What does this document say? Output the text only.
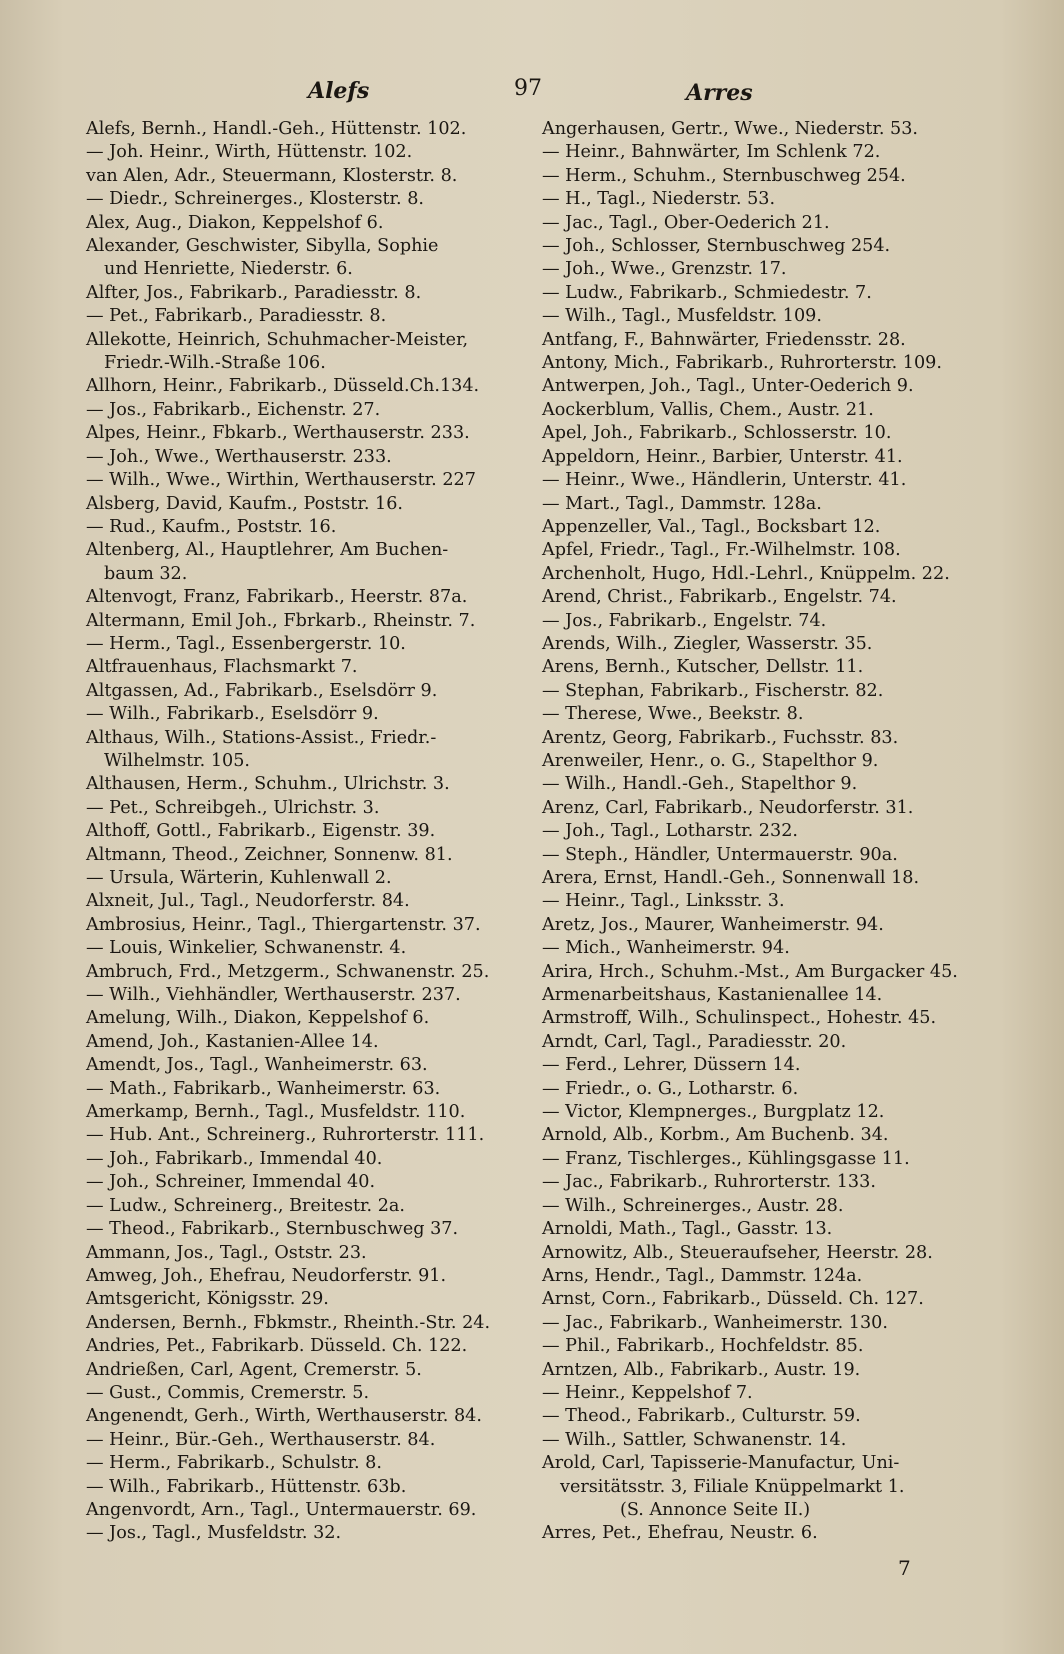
Alefs	97	Arres
Alefs, Bernh., Handl.-Geh., Hüttenstr. 102.
— Joh. Heinr., Wirth, Hüttenstr. 102.
van Alen, Adr., Steuermann, Klosterstr. 8.
— Diedr., Schreinerges., Klosterstr. 8.
Alex, Aug., Diakon, Keppelshof 6.
Alexander, Geschwister, Sibylla, Sophie
und Henriette, Niederstr. 6.
Alfter, Jos., Fabrikarb., Paradiesstr. 8.
— Pet., Fabrikarb., Paradiesstr. 8.
Allekotte, Heinrich, Schuhmacher-Meister,
Friedr.-Wilh.-Straße 106.
Allhorn, Heinr., Fabrikarb., Düsseld.Ch.134.
— Jos., Fabrikarb., Eichenstr. 27.
Alpes, Heinr., Fbkarb., Werthauserstr. 233.
— Joh., Wwe., Werthauserstr. 233.
— Wilh., Wwe., Wirthin, Werthauserstr. 227
Alsberg, David, Kaufm., Poststr. 16.
— Rud., Kaufm., Poststr. 16.
Altenberg, Al., Hauptlehrer, Am Buchen-
baum 32.
Altenvogt, Franz, Fabrikarb., Heerstr. 87a.
Altermann, Emil Joh., Fbrkarb., Rheinstr. 7.
— Herm., Tagl., Essenbergerstr. 10.
Altfrauenhaus, Flachsmarkt 7.
Altgassen, Ad., Fabrikarb., Eselsdörr 9.
— Wilh., Fabrikarb., Eselsdörr 9.
Althaus, Wilh., Stations-Assist., Friedr.-
Wilhelmstr. 105.
Althausen, Herm., Schuhm., Ulrichstr. 3.
— Pet., Schreibgeh., Ulrichstr. 3.
Althoff, Gottl., Fabrikarb., Eigenstr. 39.
Altmann, Theod., Zeichner, Sonnenw. 81.
— Ursula, Wärterin, Kuhlenwall 2.
Alxneit, Jul., Tagl., Neudorferstr. 84.
Ambrosius, Heinr., Tagl., Thiergartenstr. 37.
— Louis, Winkelier, Schwanenstr. 4.
Ambruch, Frd., Metzgerm., Schwanenstr. 25.
— Wilh., Viehhändler, Werthauserstr. 237.
Amelung, Wilh., Diakon, Keppelshof 6.
Amend, Joh., Kastanien-Allee 14.
Amendt, Jos., Tagl., Wanheimerstr. 63.
— Math., Fabrikarb., Wanheimerstr. 63.
Amerkamp, Bernh., Tagl., Musfeldstr. 110.
— Hub. Ant., Schreinerg., Ruhrorterstr. 111.
— Joh., Fabrikarb., Immendal 40.
— Joh., Schreiner, Immendal 40.
— Ludw., Schreinerg., Breitestr. 2a.
— Theod., Fabrikarb., Sternbuschweg 37.
Ammann, Jos., Tagl., Oststr. 23.
Amweg, Joh., Ehefrau, Neudorferstr. 91.
Amtsgericht, Königsstr. 29.
Andersen, Bernh., Fbkmstr., Rheinth.-Str. 24.
Andries, Pet., Fabrikarb. Düsseld. Ch. 122.
Andrießen, Carl, Agent, Cremerstr. 5.
— Gust., Commis, Cremerstr. 5.
Angenendt, Gerh., Wirth, Werthauserstr. 84.
— Heinr., Bür.-Geh., Werthauserstr. 84.
— Herm., Fabrikarb., Schulstr. 8.
— Wilh., Fabrikarb., Hüttenstr. 63b.
Angenvordt, Arn., Tagl., Untermauerstr. 69.
— Jos., Tagl., Musfeldstr. 32.
Angerhausen, Gertr., Wwe., Niederstr. 53.
— Heinr., Bahnwärter, Im Schlenk 72.
— Herm., Schuhm., Sternbuschweg 254.
— H., Tagl., Niederstr. 53.
— Jac., Tagl., Ober-Oederich 21.
— Joh., Schlosser, Sternbuschweg 254.
— Joh., Wwe., Grenzstr. 17.
— Ludw., Fabrikarb., Schmiedestr. 7.
— Wilh., Tagl., Musfeldstr. 109.
Antfang, F., Bahnwärter, Friedensstr. 28.
Antony, Mich., Fabrikarb., Ruhrorterstr. 109.
Antwerpen, Joh., Tagl., Unter-Oederich 9.
Aockerblum, Vallis, Chem., Austr. 21.
Apel, Joh., Fabrikarb., Schlosserstr. 10.
Appeldorn, Heinr., Barbier, Unterstr. 41.
— Heinr., Wwe., Händlerin, Unterstr. 41.
— Mart., Tagl., Dammstr. 128a.
Appenzeller, Val., Tagl., Bocksbart 12.
Apfel, Friedr., Tagl., Fr.-Wilhelmstr. 108.
Archenholt, Hugo, Hdl.-Lehrl., Knüppelm. 22.
Arend, Christ., Fabrikarb., Engelstr. 74.
— Jos., Fabrikarb., Engelstr. 74.
Arends, Wilh., Ziegler, Wasserstr. 35.
Arens, Bernh., Kutscher, Dellstr. 11.
— Stephan, Fabrikarb., Fischerstr. 82.
— Therese, Wwe., Beekstr. 8.
Arentz, Georg, Fabrikarb., Fuchsstr. 83.
Arenweiler, Henr., o. G., Stapelthor 9.
— Wilh., Handl.-Geh., Stapelthor 9.
Arenz, Carl, Fabrikarb., Neudorferstr. 31.
— Joh., Tagl., Lotharstr. 232.
— Steph., Händler, Untermauerstr. 90a.
Arera, Ernst, Handl.-Geh., Sonnenwall 18.
— Heinr., Tagl., Linksstr. 3.
Aretz, Jos., Maurer, Wanheimerstr. 94.
— Mich., Wanheimerstr. 94.
Arira, Hrch., Schuhm.-Mst., Am Burgacker 45.
Armenarbeitshaus, Kastanienallee 14.
Armstroff, Wilh., Schulinspect., Hohestr. 45.
Arndt, Carl, Tagl., Paradiesstr. 20.
— Ferd., Lehrer, Düssern 14.
— Friedr., o. G., Lotharstr. 6.
— Victor, Klempnerges., Burgplatz 12.
Arnold, Alb., Korbm., Am Buchenb. 34.
— Franz, Tischlerges., Kühlingsgasse 11.
— Jac., Fabrikarb., Ruhrorterstr. 133.
— Wilh., Schreinerges., Austr. 28.
Arnoldi, Math., Tagl., Gasstr. 13.
Arnowitz, Alb., Steueraufseher, Heerstr. 28.
Arns, Hendr., Tagl., Dammstr. 124a.
Arnst, Corn., Fabrikarb., Düsseld. Ch. 127.
— Jac., Fabrikarb., Wanheimerstr. 130.
— Phil., Fabrikarb., Hochfeldstr. 85.
Arntzen, Alb., Fabrikarb., Austr. 19.
— Heinr., Keppelshof 7.
— Theod., Fabrikarb., Culturstr. 59.
— Wilh., Sattler, Schwanenstr. 14.
Arold, Carl, Tapisserie-Manufactur, Uni-
versitätsstr. 3, Filiale Knüppelmarkt 1.
(S. Annonce Seite II.)
Arres, Pet., Ehefrau, Neustr. 6.
7
